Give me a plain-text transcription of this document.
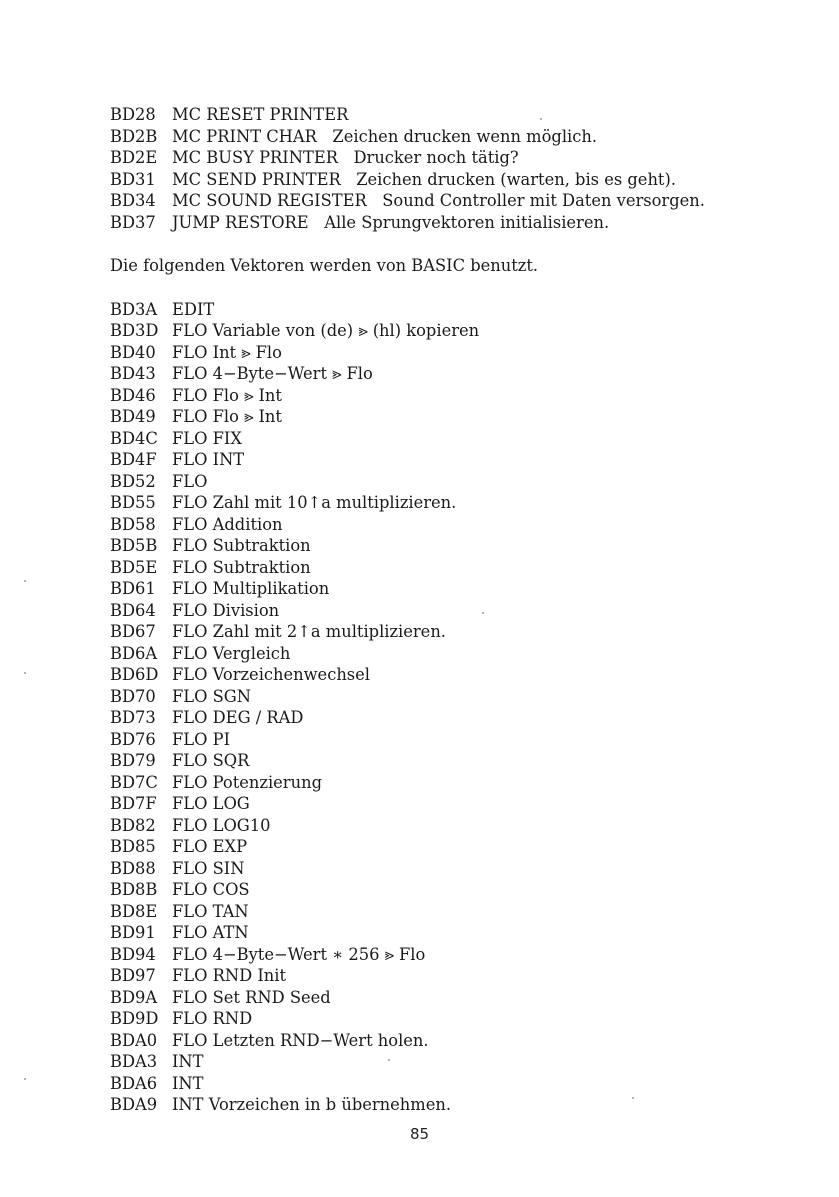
BD28 MC RESET PRINTER
BD2B MC PRINT CHAR   Zeichen drucken wenn möglich.
BD2E MC BUSY PRINTER   Drucker noch tätig?
BD31 MC SEND PRINTER   Zeichen drucken (warten, bis es geht).
BD34 MC SOUND REGISTER   Sound Controller mit Daten versorgen.
BD37 JUMP RESTORE   Alle Sprungvektoren initialisieren.
Die folgenden Vektoren werden von BASIC benutzt.
BD3A EDIT
BD3D FLO Variable von (de) ⪢ (hl) kopieren
BD40 FLO Int ⪢ Flo
BD43 FLO 4−Byte−Wert ⪢ Flo
BD46 FLO Flo ⪢ Int
BD49 FLO Flo ⪢ Int
BD4C FLO FIX
BD4F FLO INT
BD52 FLO
BD55 FLO Zahl mit 10↑a multiplizieren.
BD58 FLO Addition
BD5B FLO Subtraktion
BD5E FLO Subtraktion
BD61 FLO Multiplikation
BD64 FLO Division
BD67 FLO Zahl mit 2↑a multiplizieren.
BD6A FLO Vergleich
BD6D FLO Vorzeichenwechsel
BD70 FLO SGN
BD73 FLO DEG / RAD
BD76 FLO PI
BD79 FLO SQR
BD7C FLO Potenzierung
BD7F FLO LOG
BD82 FLO LOG10
BD85 FLO EXP
BD88 FLO SIN
BD8B FLO COS
BD8E FLO TAN
BD91 FLO ATN
BD94 FLO 4−Byte−Wert ∗ 256 ⪢ Flo
BD97 FLO RND Init
BD9A FLO Set RND Seed
BD9D FLO RND
BDA0 FLO Letzten RND−Wert holen.
BDA3 INT
BDA6 INT
BDA9 INT Vorzeichen in b übernehmen.
85
